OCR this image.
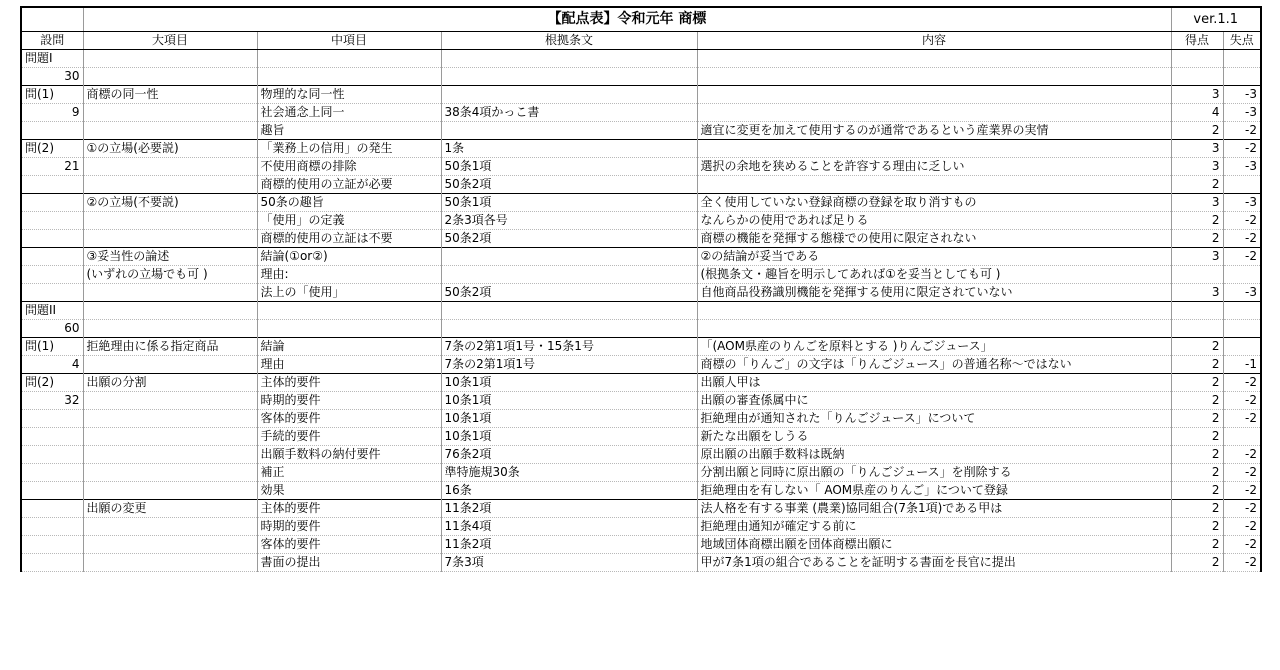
	【配点表】令和元年 商標				ver.1.1	
設問	大項目	中項目	根拠条文	内容	得点	失点
問題I						
30						
問(1)	商標の同一性	物理的な同一性			3	-3
9		社会通念上同一	38条4項かっこ書		4	-3
		趣旨		適宜に変更を加えて使用するのが通常であるという産業界の実情	2	-2
問(2)	①の立場(必要説)	「業務上の信用」の発生	1条		3	-2
21		不使用商標の排除	50条1項	選択の余地を狭めることを許容する理由に乏しい	3	-3
		商標的使用の立証が必要	50条2項		2	
	②の立場(不要説)	50条の趣旨	50条1項	全く使用していない登録商標の登録を取り消すもの	3	-3
		「使用」の定義	2条3項各号	なんらかの使用であれば足りる	2	-2
		商標的使用の立証は不要	50条2項	商標の機能を発揮する態様での使用に限定されない	2	-2
	③妥当性の論述	結論(①or②)		②の結論が妥当である	3	-2
	(いずれの立場でも可 )	理由:		(根拠条文・趣旨を明示してあれば①を妥当としても可 )		
		法上の「使用」	50条2項	自他商品役務識別機能を発揮する使用に限定されていない	3	-3
問題II						
60						
問(1)	拒絶理由に係る指定商品	結論	7条の2第1項1号・15条1号	「(AOM県産のりんごを原料とする )りんごジュース」	2	
4		理由	7条の2第1項1号	商標の「りんご」の文字は「りんごジュース」の普通名称～ではない	2	-1
問(2)	出願の分割	主体的要件	10条1項	出願人甲は	2	-2
32		時期的要件	10条1項	出願の審査係属中に	2	-2
		客体的要件	10条1項	拒絶理由が通知された「りんごジュース」について	2	-2
		手続的要件	10条1項	新たな出願をしうる	2	
		出願手数料の納付要件	76条2項	原出願の出願手数料は既納	2	-2
		補正	準特施規30条	分割出願と同時に原出願の「りんごジュース」を削除する	2	-2
		効果	16条	拒絶理由を有しない「 AOM県産のりんご」について登録	2	-2
	出願の変更	主体的要件	11条2項	法人格を有する事業 (農業)協同組合(7条1項)である甲は	2	-2
		時期的要件	11条4項	拒絶理由通知が確定する前に	2	-2
		客体的要件	11条2項	地域団体商標出願を団体商標出願に	2	-2
		書面の提出	7条3項	甲が7条1項の組合であることを証明する書面を長官に提出	2	-2
